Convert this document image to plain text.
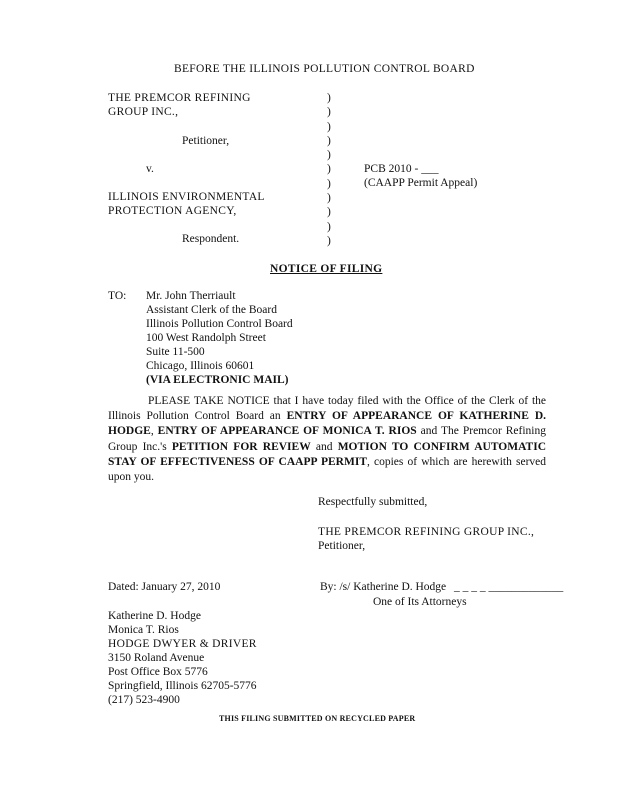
BEFORE THE ILLINOIS POLLUTION CONTROL BOARD
THE PREMCOR REFINING
GROUP INC.,
Petitioner,
v.
ILLINOIS ENVIRONMENTAL
PROTECTION AGENCY,
Respondent.
)
)
)
)
)
)
)
)
)
)
)
PCB 2010 - ___
(CAAPP Permit Appeal)
NOTICE OF FILING
TO: Mr. John Therriault
Assistant Clerk of the Board
Illinois Pollution Control Board
100 West Randolph Street
Suite 11-500
Chicago, Illinois 60601
(VIA ELECTRONIC MAIL)
PLEASE TAKE NOTICE that I have today filed with the Office of the Clerk of the Illinois Pollution Control Board an ENTRY OF APPEARANCE OF KATHERINE D. HODGE, ENTRY OF APPEARANCE OF MONICA T. RIOS and The Premcor Refining Group Inc.'s PETITION FOR REVIEW and MOTION TO CONFIRM AUTOMATIC STAY OF EFFECTIVENESS OF CAAPP PERMIT, copies of which are herewith served upon you.
Respectfully submitted,
THE PREMCOR REFINING GROUP INC.,
Petitioner,
Dated: January 27, 2010	By: /s/ Katherine D. Hodge _ _ _ _ _____________
One of Its Attorneys
Katherine D. Hodge
Monica T. Rios
HODGE DWYER & DRIVER
3150 Roland Avenue
Post Office Box 5776
Springfield, Illinois 62705-5776
(217) 523-4900
THIS FILING SUBMITTED ON RECYCLED PAPER
